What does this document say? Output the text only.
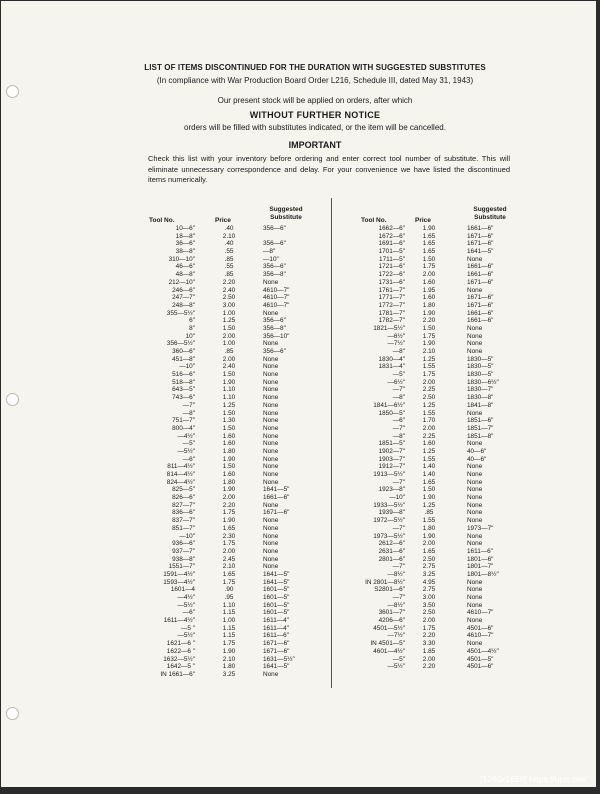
LIST OF ITEMS DISCONTINUED FOR THE DURATION WITH SUGGESTED SUBSTITUTES
(In compliance with War Production Board Order L216, Schedule III, dated May 31, 1943)
Our present stock will be applied on orders, after which
WITHOUT FURTHER NOTICE
orders will be filled with substitutes indicated, or the item will be cancelled.
IMPORTANT
Check this list with your inventory before ordering and enter correct tool number of substitute. This will eliminate unnecessary correspondence and delay. For your convenience we have listed the discontinued items numerically.
Tool No.	Price
Suggested Substitute
10—6"	.40	356—6"
18—8"	2.10
36—6"	.40	356—6"
38—8"	.55	—8"
310—10"	.85	—10"
46—6"	.55	356—6"
48—8"	.85	356—8"
212—10"	2.20	None
246—6"	2.40	4610—7"
247—7"	2.50	4610—7"
248—8"	3.00	4610—7"
355—5½"	1.00	None
6"	1.25	356—6"
8"	1.50	356—8"
10"	2.00	356—10"
356—5½"	1.00	None
360—6"	.85	356—6"
451—8"	2.00	None
—10"	2.40	None
516—6"	1.50	None
518—8"	1.90	None
643—5"	1.10	None
743—6"	1.10	None
—7"	1.25	None
—8"	1.50	None
751—7"	1.30	None
800—4"	1.50	None
—4½"	1.60	None
—5"	1.60	None
—5½"	1.80	None
—6"	1.90	None
811—4½"	1.50	None
814—4½"	1.60	None
824—4½"	1.80	None
825—5"	1.90	1641—5"
826—6"	2.00	1661—6"
827—7"	2.20	None
836—6"	1.75	1671—6"
837—7"	1.90	None
851—7"	1.65	None
—10"	2.30	None
936—6"	1.75	None
937—7"	2.00	None
938—8"	2.45	None
1551—7"	2.10	None
1591—4½"	1.65	1641—5"
1593—4½"	1.75	1641—5"
1601—4	.90	1601—5"
—4½"	.95	1601—5"
—5½"	1.10	1601—5"
—6"	1.15	1601—5"
1611—4½"	1.00	1611—4"
—5 "	1.15	1611—4"
—5½"	1.15	1611—6"
1621—6 "	1.75	1671—6"
1622—6 "	1.90	1671—6"
1632—5½"	2.10	1631—5½"
1642—5 "	1.80	1641—5"
IN 1661—6"	3.25	None
Tool No.	Price
Suggested Substitute
1662—6"	1.90	1661—6"
1672—6"	1.65	1671—6"
1691—6"	1.65	1671—6"
1701—5"	1.65	1641—5"
1711—5"	1.50	None
1721—6"	1.75	1661—6"
1722—6"	2.00	1661—6"
1731—6"	1.60	1671—6"
1761—7"	1.95	None
1771—7"	1.60	1671—6"
1772—7"	1.80	1671—6"
1781—7"	1.90	1661—6"
1782—7"	2.20	1661—6"
1821—5½"	1.50	None
—6½"	1.75	None
—7½"	1.90	None
—8"	2.10	None
1830—4"	1.25	1830—5"
1831—4"	1.55	1830—5"
—5"	1.75	1830—5"
—6½"	2.00	1830—6½"
—7"	2.25	1830—7"
—8"	2.50	1830—8"
1841—6½"	1.25	1841—8"
1850—5"	1.55	None
—6"	1.70	1851—6"
—7"	2.00	1851—7"
—8"	2.25	1851—8"
1851—5"	1.60	None
1902—7"	1.25	40—6"
1903—7"	1.55	40—6"
1912—7"	1.40	None
1913—5½"	1.40	None
—7"	1.65	None
1923—8"	1.50	None
—10"	1.90	None
1933—5½"	1.25	None
1939—8"	.85	None
1972—5½"	1.55	None
—7"	1.80	1973—7"
1973—5½"	1.90	None
2612—6"	2.00	None
2631—6"	1.65	1611—6"
2801—6"	2.50	1801—6"
—7"	2.75	1801—7"
—8½"	3.25	1801—8½"
IN 2801—8½"	4.95	None
S2801—6"	2.75	None
—7"	3.00	None
—8½"	3.50	None
3601—7"	2.50	4610—7"
4206—6"	2.00	None
4501—5½"	1.75	4501—6"
—7½"	2.20	4610—7"
IN 4501—5"	3.30	None
4601—4½"	1.85	4501—4½"
—5"	2.00	4501—5"
—5½"	2.20	4501—6"
[1280x1659] https://upic.me/
